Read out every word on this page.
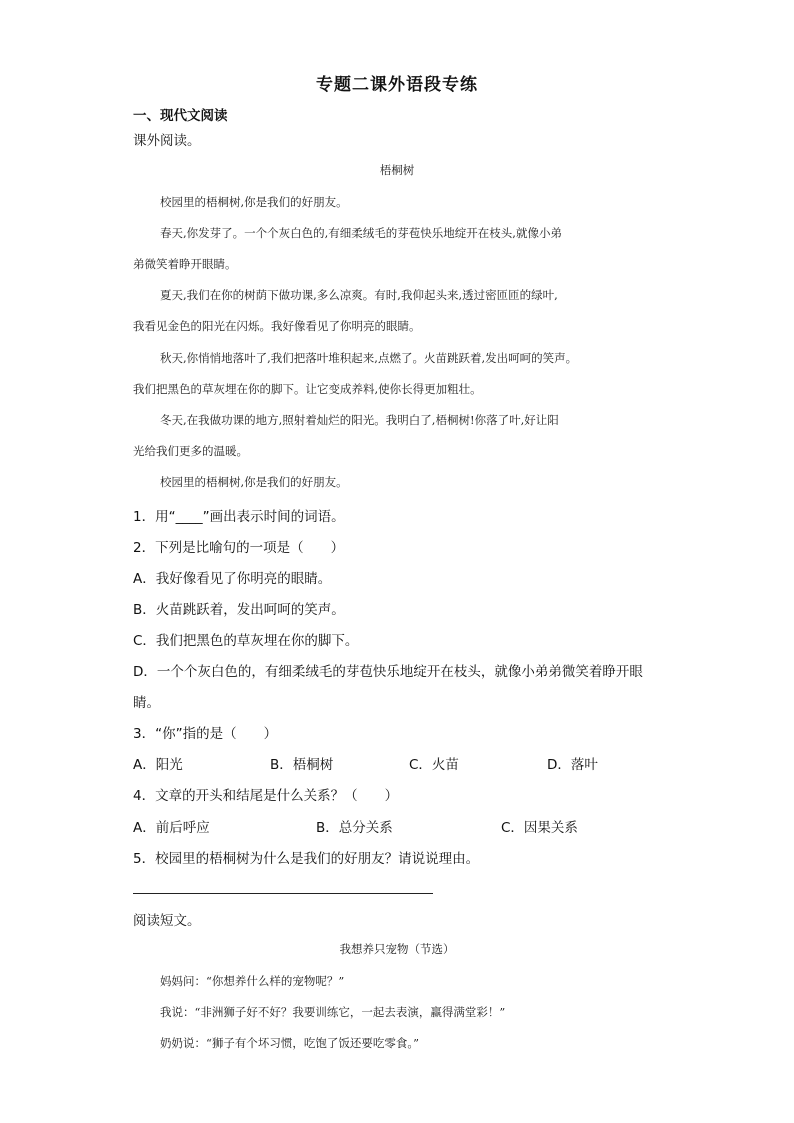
专题二课外语段专练
一、现代文阅读
课外阅读。
梧桐树
校园里的梧桐树,你是我们的好朋友。
春天,你发芽了。一个个灰白色的,有细柔绒毛的芽苞快乐地绽开在枝头,就像小弟
弟微笑着睁开眼睛。
夏天,我们在你的树荫下做功课,多么凉爽。有时,我仰起头来,透过密匝匝的绿叶,
我看见金色的阳光在闪烁。我好像看见了你明亮的眼睛。
秋天,你悄悄地落叶了,我们把落叶堆积起来,点燃了。火苗跳跃着,发出呵呵的笑声。
我们把黑色的草灰埋在你的脚下。让它变成养料,使你长得更加粗壮。
冬天,在我做功课的地方,照射着灿烂的阳光。我明白了,梧桐树!你落了叶,好让阳
光给我们更多的温暖。
校园里的梧桐树,你是我们的好朋友。
1．用“____”画出表示时间的词语。
2．下列是比喻句的一项是（　　）
A．我好像看见了你明亮的眼睛。
B．火苗跳跃着，发出呵呵的笑声。
C．我们把黑色的草灰埋在你的脚下。
D．一个个灰白色的，有细柔绒毛的芽苞快乐地绽开在枝头，就像小弟弟微笑着睁开眼
睛。
3．“你”指的是（　　）
A．阳光	B．梧桐树	C．火苗	D．落叶
4．文章的开头和结尾是什么关系？（　　）
A．前后呼应	B．总分关系	C．因果关系
5．校园里的梧桐树为什么是我们的好朋友？请说说理由。
阅读短文。
我想养只宠物（节选）
妈妈问：“你想养什么样的宠物呢？”
我说：“非洲狮子好不好？我要训练它，一起去表演，赢得满堂彩！”
奶奶说：“狮子有个坏习惯，吃饱了饭还要吃零食。”
